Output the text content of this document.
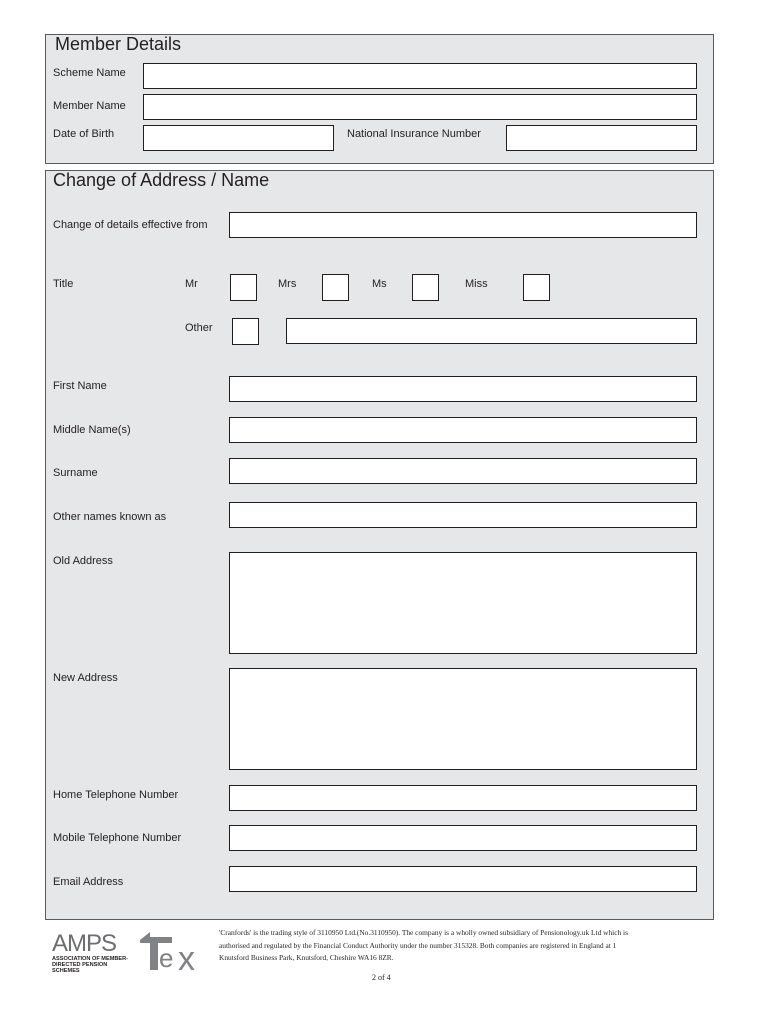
Member Details
Scheme Name
Member Name
Date of Birth	National Insurance Number
Change of Address / Name
Change of details effective from
Title	Mr	Mrs	Ms	Miss
Other
First Name
Middle Name(s)
Surname
Other names known as
Old Address
New Address
Home Telephone Number
Mobile Telephone Number
Email Address
AMPS
ASSOCIATION OF MEMBER-DIRECTED PENSION SCHEMES	e x
'Cranfords' is the trading style of 3110950 Ltd.(No.3110950). The company is a wholly owned subsidiary of Pensionology.uk Ltd which is
authorised and regulated by the Financial Conduct Authority under the number 315328. Both companies are registered in England at 1
Knutsford Business Park, Knutsford, Cheshire WA16 8ZR.
2 of 4
